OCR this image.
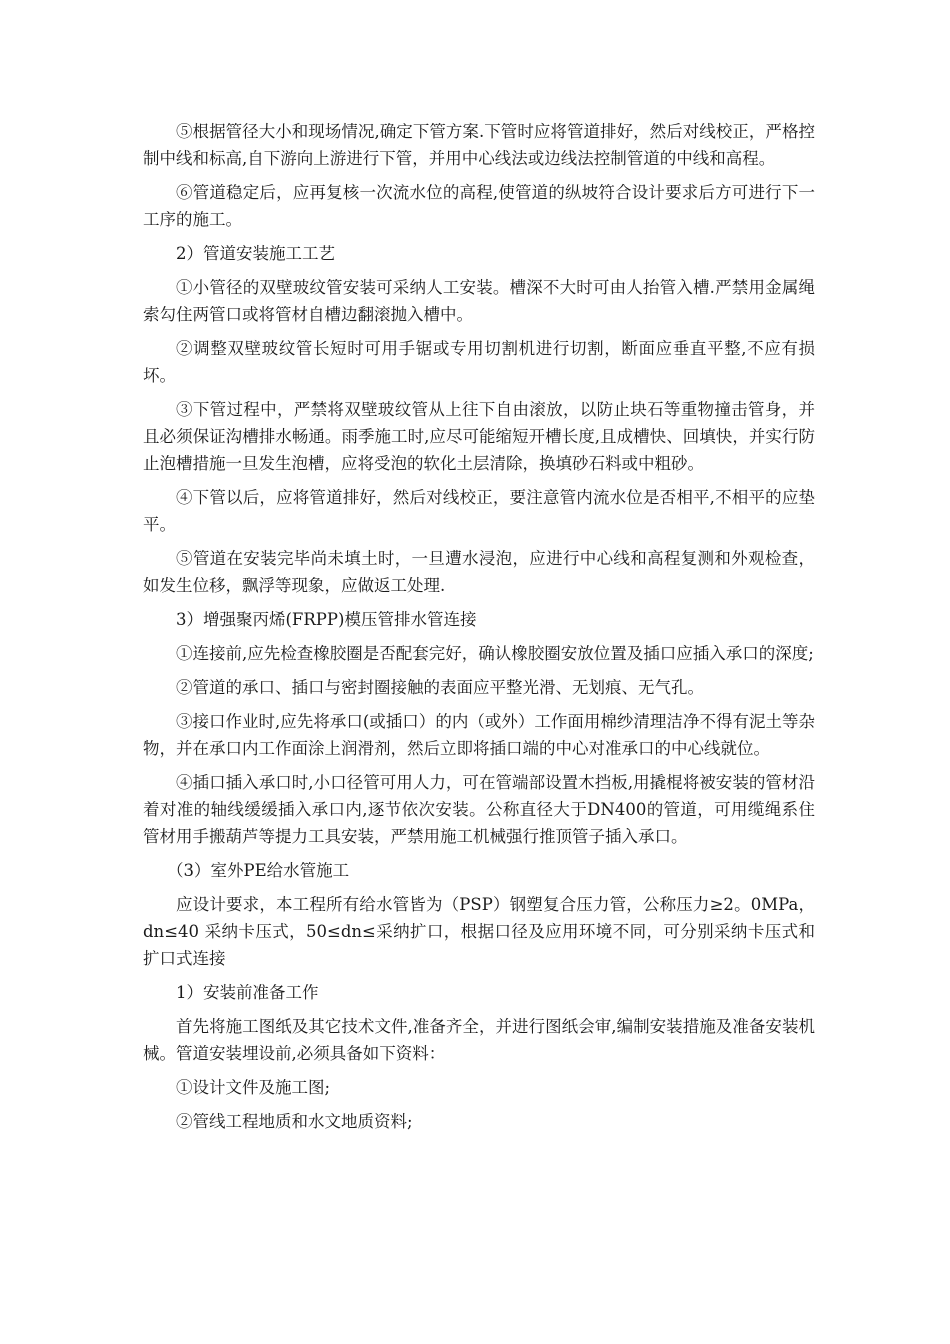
⑤根据管径大小和现场情况,确定下管方案.下管时应将管道排好，然后对线校正，严格控制中线和标高,自下游向上游进行下管，并用中心线法或边线法控制管道的中线和高程。

⑥管道稳定后，应再复核一次流水位的高程,使管道的纵坡符合设计要求后方可进行下一工序的施工。

2）管道安装施工工艺

①小管径的双壁玻纹管安装可采纳人工安装。槽深不大时可由人抬管入槽.严禁用金属绳索勾住两管口或将管材自槽边翻滚抛入槽中。

②调整双壁玻纹管长短时可用手锯或专用切割机进行切割，断面应垂直平整,不应有损坏。

③下管过程中，严禁将双壁玻纹管从上往下自由滚放，以防止块石等重物撞击管身，并且必须保证沟槽排水畅通。雨季施工时,应尽可能缩短开槽长度,且成槽快、回填快，并实行防止泡槽措施一旦发生泡槽，应将受泡的软化土层清除，换填砂石料或中粗砂。

④下管以后，应将管道排好，然后对线校正，要注意管内流水位是否相平,不相平的应垫平。

⑤管道在安装完毕尚未填土时，一旦遭水浸泡，应进行中心线和高程复测和外观检查，如发生位移，飘浮等现象，应做返工处理.

3）增强聚丙烯(FRPP)模压管排水管连接

①连接前,应先检查橡胶圈是否配套完好，确认橡胶圈安放位置及插口应插入承口的深度;

②管道的承口、插口与密封圈接触的表面应平整光滑、无划痕、无气孔。

③接口作业时,应先将承口(或插口）的内（或外）工作面用棉纱清理洁净不得有泥土等杂物，并在承口内工作面涂上润滑剂，然后立即将插口端的中心对准承口的中心线就位。

④插口插入承口时,小口径管可用人力，可在管端部设置木挡板,用撬棍将被安装的管材沿着对准的轴线缓缓插入承口内,逐节依次安装。公称直径大于DN400的管道，可用缆绳系住管材用手搬葫芦等提力工具安装，严禁用施工机械强行推顶管子插入承口。

（3）室外PE给水管施工

应设计要求，本工程所有给水管皆为（PSP）钢塑复合压力管，公称压力≥2。0MPa，dn≤40 采纳卡压式，50≤dn≤采纳扩口，根据口径及应用环境不同，可分别采纳卡压式和扩口式连接

1）安装前准备工作

首先将施工图纸及其它技术文件,准备齐全，并进行图纸会审,编制安装措施及准备安装机械。管道安装埋设前,必须具备如下资料：

①设计文件及施工图;

②管线工程地质和水文地质资料;
